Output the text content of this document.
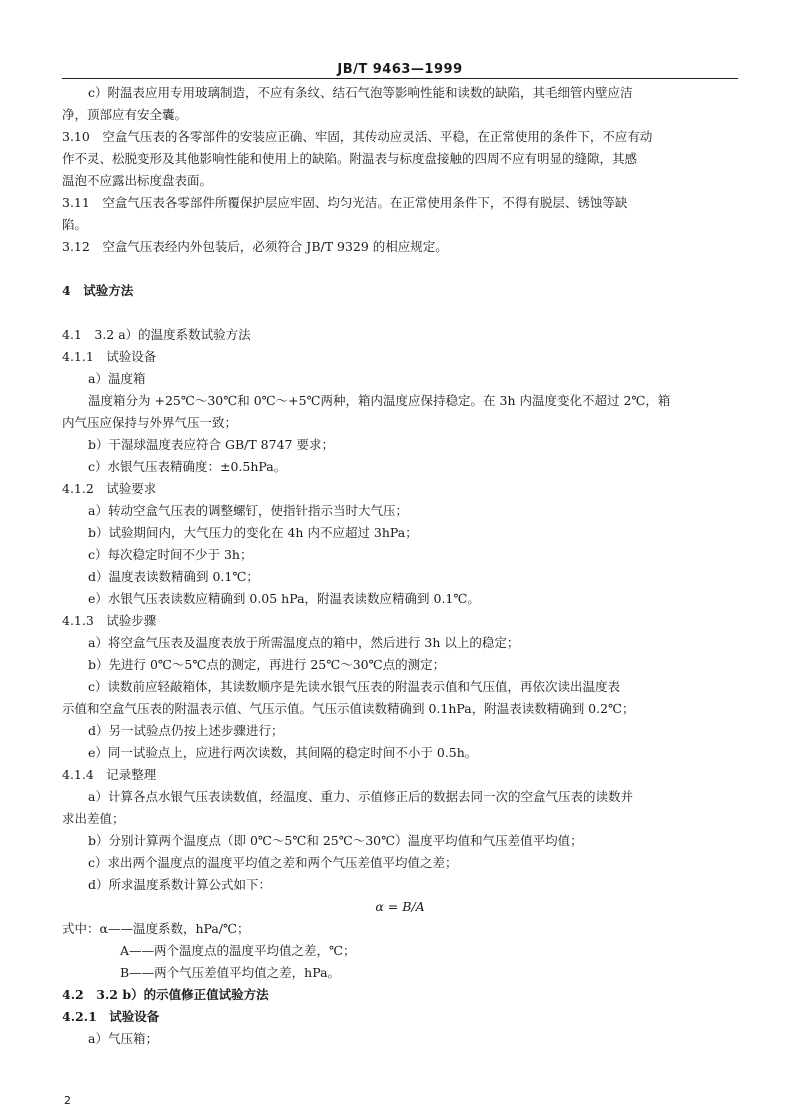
JB/T 9463—1999

c）附温表应用专用玻璃制造，不应有条纹、结石气泡等影响性能和读数的缺陷，其毛细管内壁应洁

净，顶部应有安全囊。

3.10　空盒气压表的各零部件的安装应正确、牢固，其传动应灵活、平稳，在正常使用的条件下，不应有动

作不灵、松脱变形及其他影响性能和使用上的缺陷。附温表与标度盘接触的四周不应有明显的缝隙，其感

温泡不应露出标度盘表面。

3.11　空盒气压表各零部件所覆保护层应牢固、均匀光洁。在正常使用条件下，不得有脱层、锈蚀等缺

陷。

3.12　空盒气压表经内外包装后，必须符合 JB/T 9329 的相应规定。

4　试验方法

4.1　3.2 a）的温度系数试验方法

4.1.1　试验设备

a）温度箱

温度箱分为 +25℃～30℃和 0℃～+5℃两种，箱内温度应保持稳定。在 3h 内温度变化不超过 2℃，箱

内气压应保持与外界气压一致；

b）干湿球温度表应符合 GB/T 8747 要求；

c）水银气压表精确度：±0.5hPa。

4.1.2　试验要求

a）转动空盒气压表的调整螺钉，使指针指示当时大气压；

b）试验期间内，大气压力的变化在 4h 内不应超过 3hPa；

c）每次稳定时间不少于 3h；

d）温度表读数精确到 0.1℃；

e）水银气压表读数应精确到 0.05 hPa，附温表读数应精确到 0.1℃。

4.1.3　试验步骤

a）将空盒气压表及温度表放于所需温度点的箱中，然后进行 3h 以上的稳定；

b）先进行 0℃～5℃点的测定，再进行 25℃～30℃点的测定；

c）读数前应轻敲箱体，其读数顺序是先读水银气压表的附温表示值和气压值，再依次读出温度表

示值和空盒气压表的附温表示值、气压示值。气压示值读数精确到 0.1hPa，附温表读数精确到 0.2℃；

d）另一试验点仍按上述步骤进行；

e）同一试验点上，应进行两次读数，其间隔的稳定时间不小于 0.5h。

4.1.4　记录整理

a）计算各点水银气压表读数值，经温度、重力、示值修正后的数据去同一次的空盒气压表的读数并

求出差值；

b）分别计算两个温度点（即 0℃～5℃和 25℃～30℃）温度平均值和气压差值平均值；

c）求出两个温度点的温度平均值之差和两个气压差值平均值之差；

d）所求温度系数计算公式如下：

α = B/A

式中：α——温度系数，hPa/℃；

A——两个温度点的温度平均值之差，℃；

B——两个气压差值平均值之差，hPa。

4.2　3.2 b）的示值修正值试验方法

4.2.1　试验设备

a）气压箱；

2
